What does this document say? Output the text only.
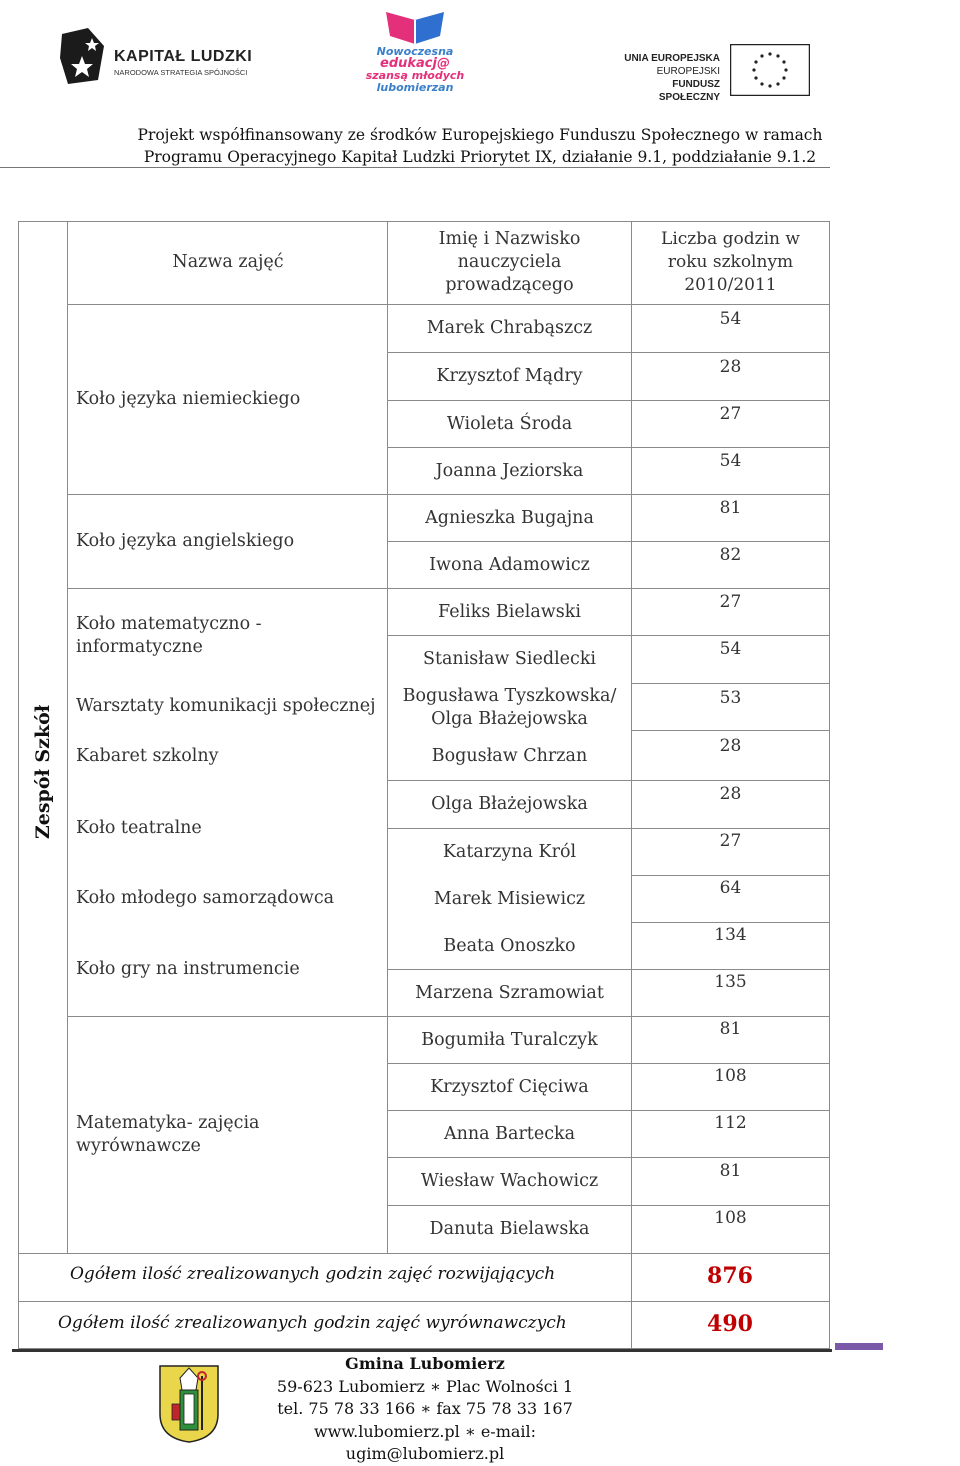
KAPITAŁ LUDZKI
NARODOWA STRATEGIA SPÓJNOŚCI
Nowoczesna
edukacj@
szansą młodych
lubomierzan
UNIA EUROPEJSKA
EUROPEJSKI
FUNDUSZ SPOŁECZNY
Projekt współfinansowany ze środków Europejskiego Funduszu Społecznego w ramach
Programu Operacyjnego Kapitał Ludzki Priorytet IX, działanie 9.1, poddziałanie 9.1.2
Zespół Szkół
Nazwa zajęć
Imię i Nazwisko
nauczyciela
prowadzącego
Liczba godzin w
roku szkolnym
2010/2011
Koło języka niemieckiego
Koło języka angielskiego
Koło matematyczno -
informatyczne
Warsztaty komunikacji społecznej
Kabaret szkolny
Koło teatralne
Koło młodego samorządowca
Koło gry na instrumencie
Matematyka- zajęcia
wyrównawcze
Marek Chrabąszcz
Krzysztof Mądry
Wioleta Środa
Joanna Jeziorska
Agnieszka Bugajna
Iwona Adamowicz
Feliks Bielawski
Stanisław Siedlecki
Bogusława Tyszkowska/
Olga Błażejowska
Bogusław Chrzan
Olga Błażejowska
Katarzyna Król
Marek Misiewicz
Beata Onoszko
Marzena Szramowiat
Bogumiła Turalczyk
Krzysztof Cięciwa
Anna Bartecka
Wiesław Wachowicz
Danuta Bielawska
54
28
27
54
81
82
27
54
53
28
28
27
64
134
135
81
108
112
81
108
Ogółem ilość zrealizowanych godzin zajęć rozwijających	876
Ogółem ilość zrealizowanych godzin zajęć wyrównawczych	490
Gmina Lubomierz
59-623 Lubomierz ∗ Plac Wolności 1
tel. 75 78 33 166 ∗ fax 75 78 33 167
www.lubomierz.pl ∗ e-mail: ugim@lubomierz.pl
